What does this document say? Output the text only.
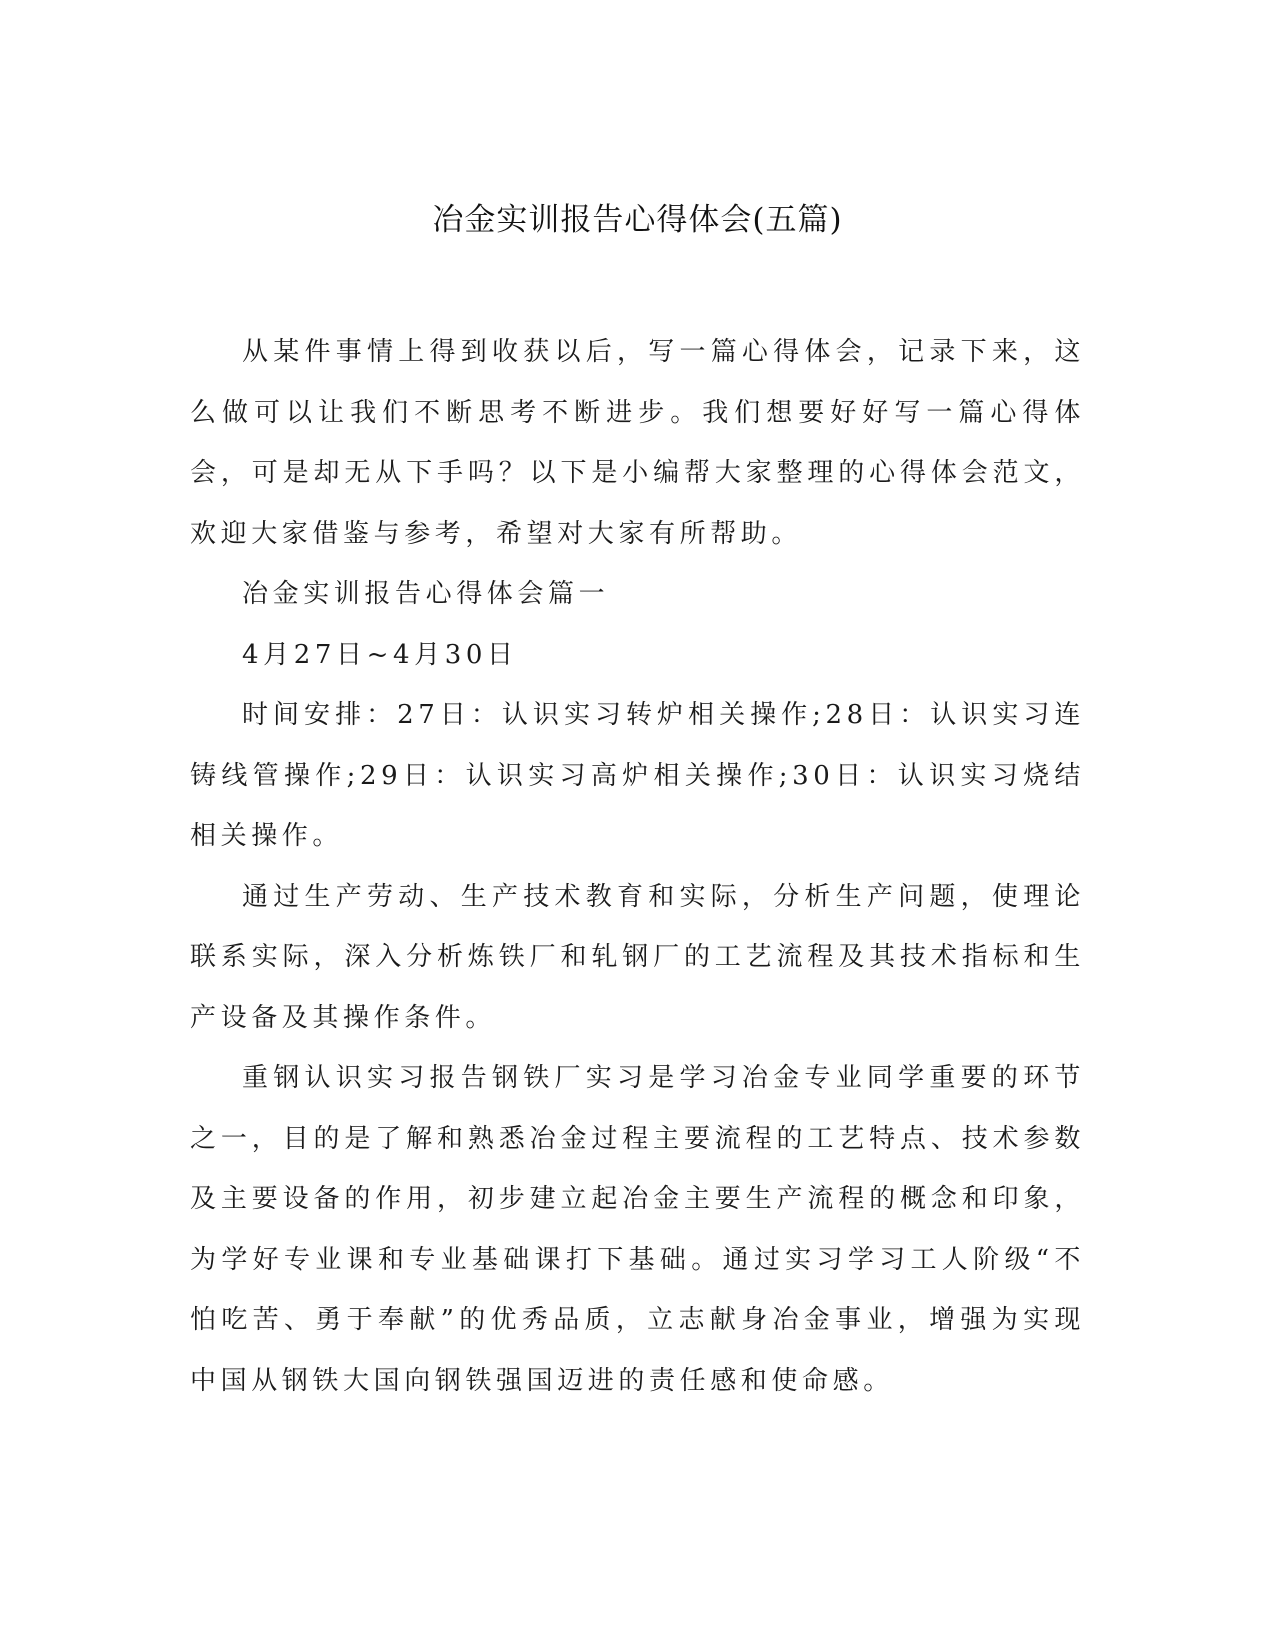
冶金实训报告心得体会(五篇)

从某件事情上得到收获以后，写一篇心得体会，记录下来，这么做可以让我们不断思考不断进步。我们想要好好写一篇心得体会，可是却无从下手吗？以下是小编帮大家整理的心得体会范文，欢迎大家借鉴与参考，希望对大家有所帮助。

冶金实训报告心得体会篇一

4月27日~4月30日

时间安排：27日：认识实习转炉相关操作;28日：认识实习连铸线管操作;29日：认识实习高炉相关操作;30日：认识实习烧结相关操作。

通过生产劳动、生产技术教育和实际，分析生产问题，使理论联系实际，深入分析炼铁厂和轧钢厂的工艺流程及其技术指标和生产设备及其操作条件。

重钢认识实习报告钢铁厂实习是学习冶金专业同学重要的环节之一，目的是了解和熟悉冶金过程主要流程的工艺特点、技术参数及主要设备的作用，初步建立起冶金主要生产流程的概念和印象，为学好专业课和专业基础课打下基础。通过实习学习工人阶级“不怕吃苦、勇于奉献”的优秀品质，立志献身冶金事业，增强为实现中国从钢铁大国向钢铁强国迈进的责任感和使命感。
